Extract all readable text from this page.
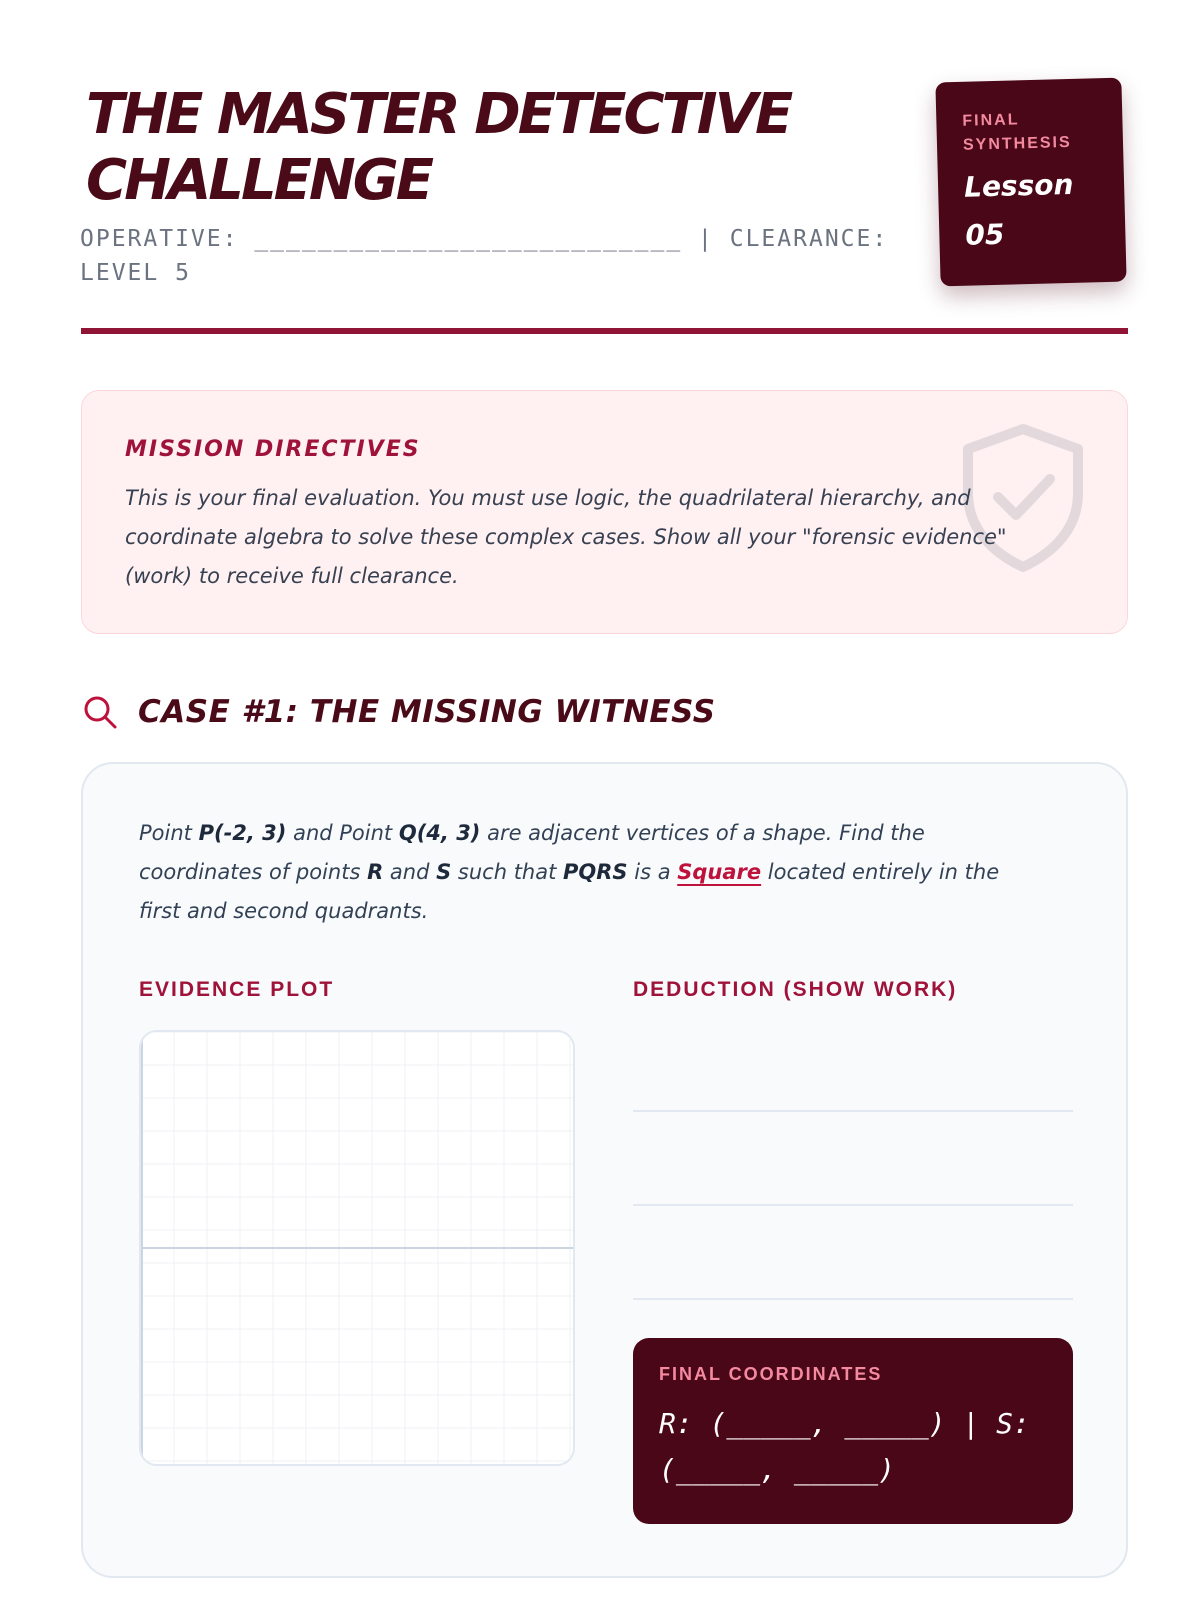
THE MASTER DETECTIVE CHALLENGE

OPERATIVE: ___________________________ | CLEARANCE: LEVEL 5

FINAL
SYNTHESIS
Lesson
05
MISSION DIRECTIVES

This is your final evaluation. You must use logic, the quadrilateral hierarchy, and coordinate algebra to solve these complex cases. Show all your "forensic evidence" (work) to receive full clearance.

CASE #1: THE MISSING WITNESS

Point P(-2, 3) and Point Q(4, 3) are adjacent vertices of a shape. Find the coordinates of points R and S such that PQRS is a Square located entirely in the first and second quadrants.

EVIDENCE PLOT	DEDUCTION (SHOW WORK)
FINAL COORDINATES
R: (_____, _____) | S: (_____, _____)
